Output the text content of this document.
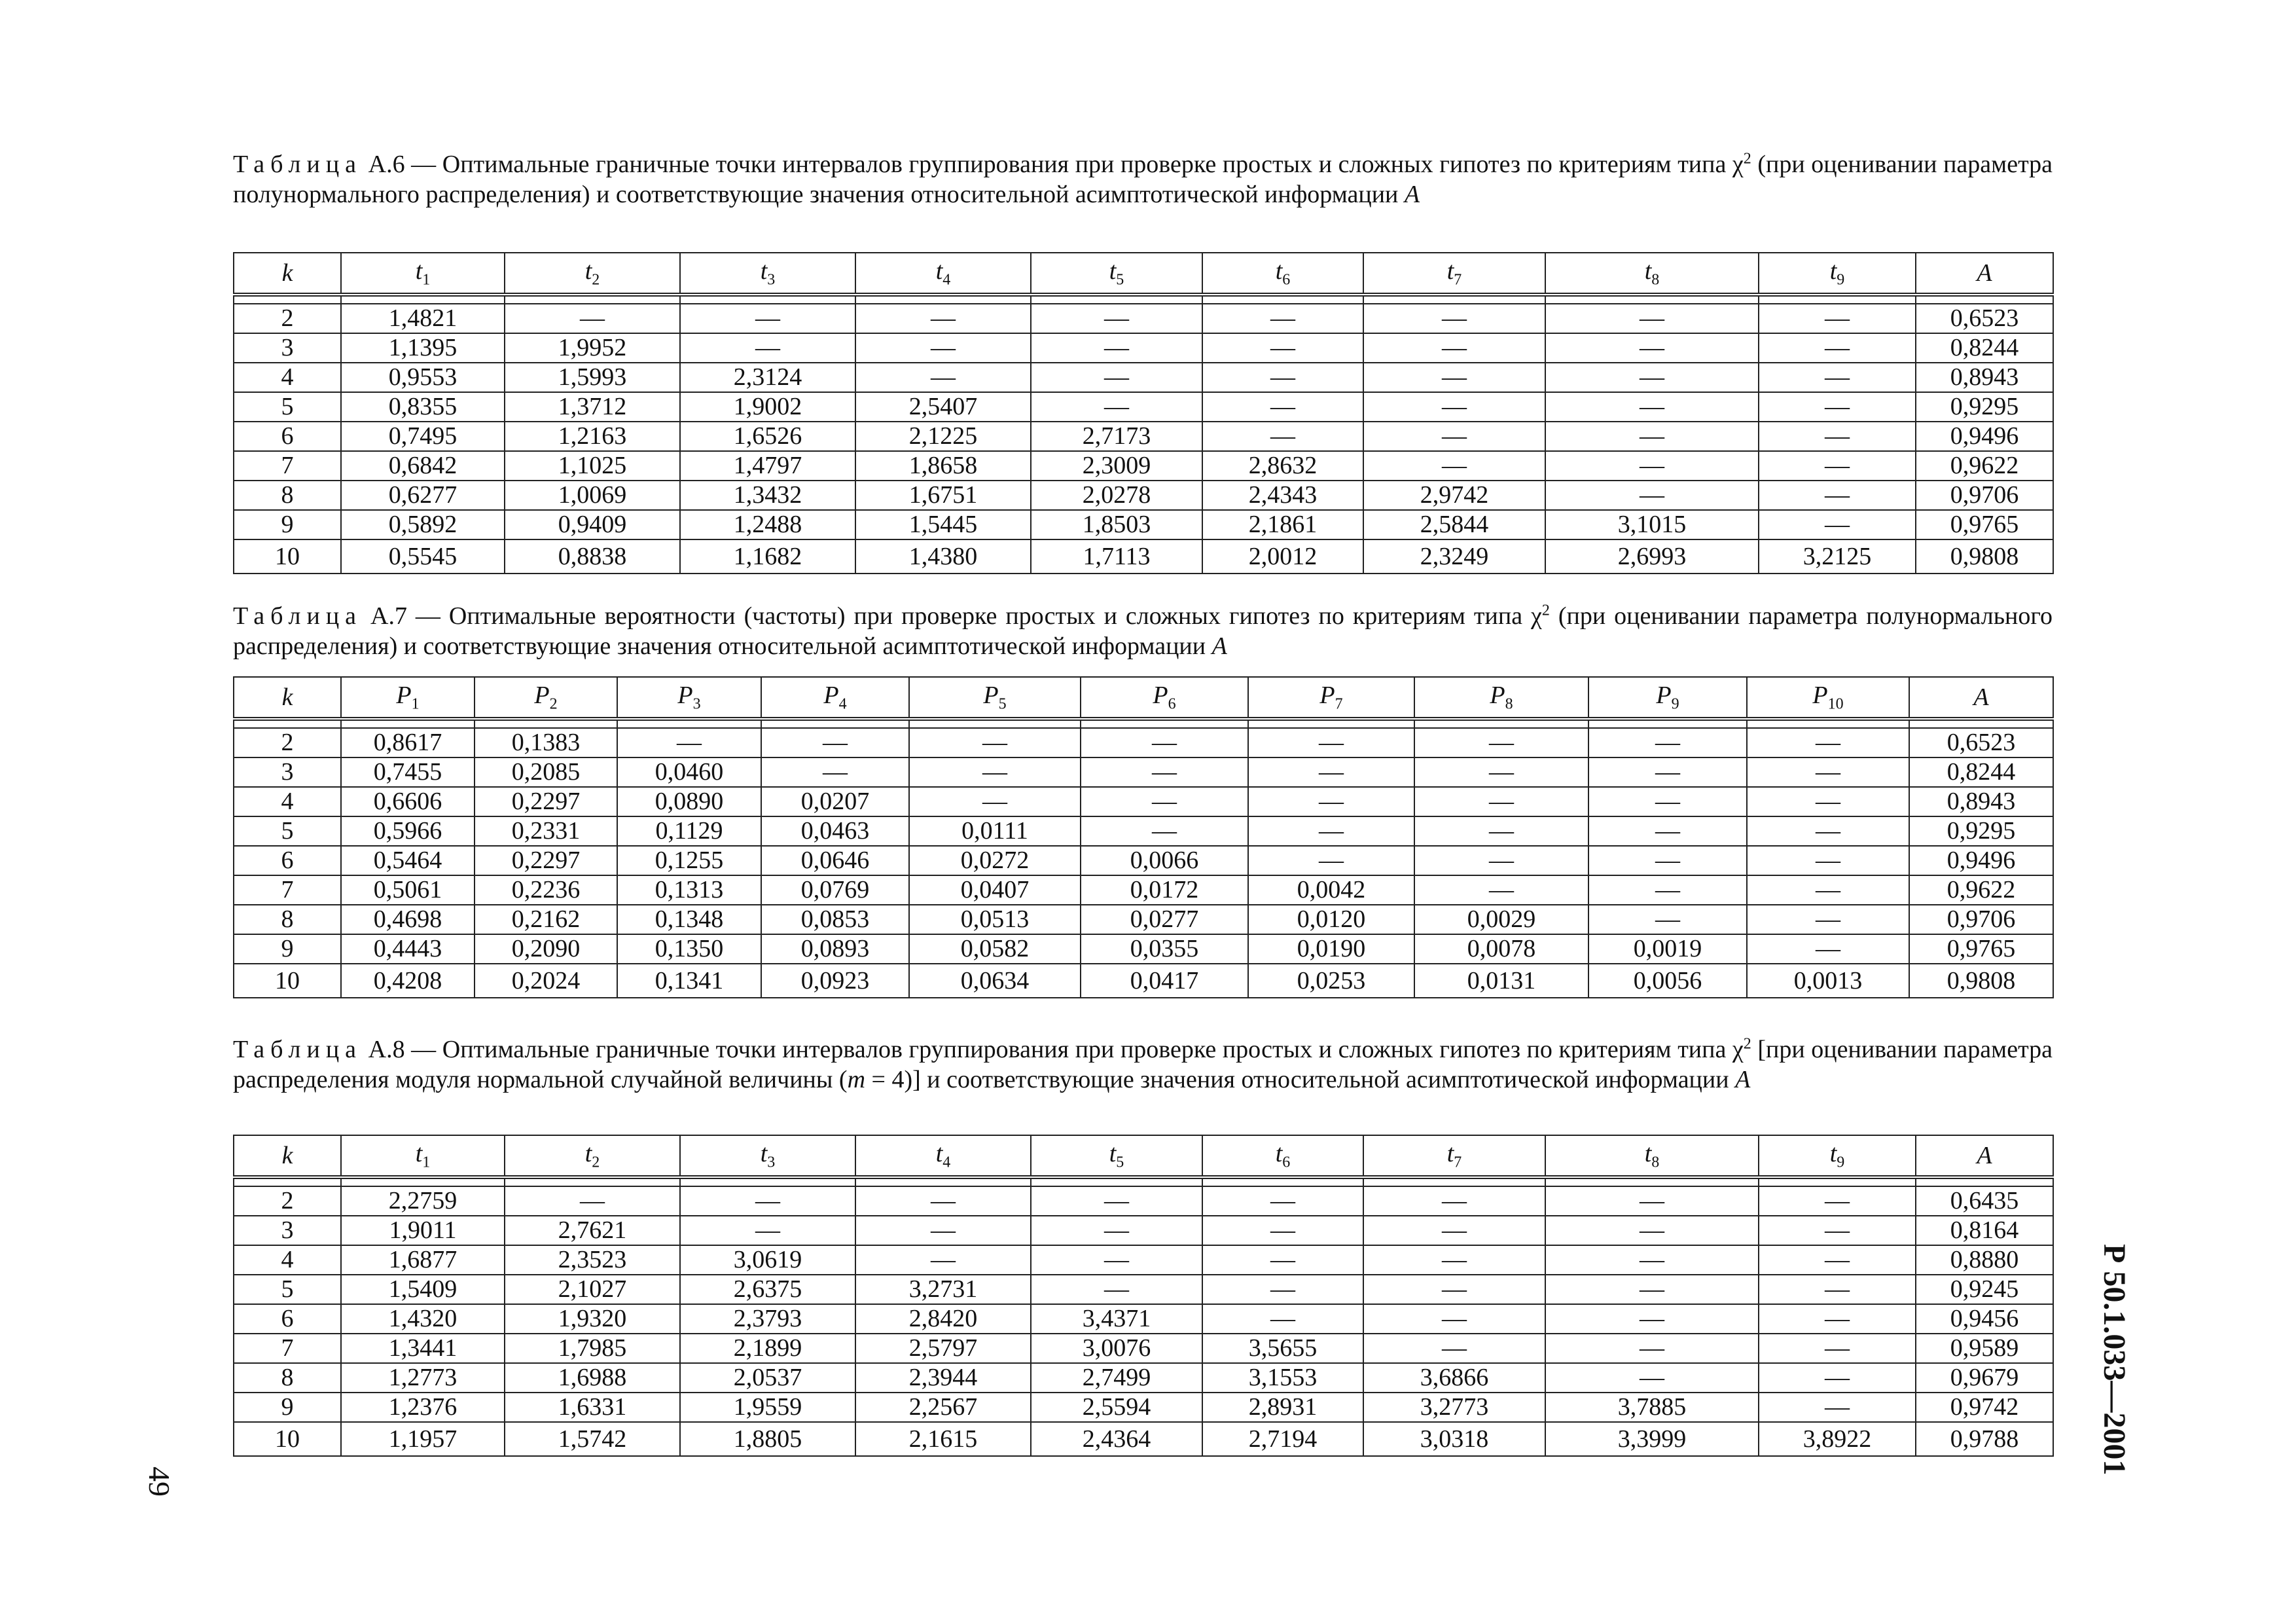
Таблица А.6 — Оптимальные граничные точки интервалов группирования при проверке простых и сложных гипотез по критериям типа $\chi^2$ (при оценивании параметра полунормального распределения) и соответствующие значения относительной асимптотической информации A
k	$t_1$	$t_2$	$t_3$	$t_4$	$t_5$	$t_6$	$t_7$	$t_8$	$t_9$	A

2	1,4821	—	—	—	—	—	—	—	—	0,6523
3	1,1395	1,9952	—	—	—	—	—	—	—	0,8244
4	0,9553	1,5993	2,3124	—	—	—	—	—	—	0,8943
5	0,8355	1,3712	1,9002	2,5407	—	—	—	—	—	0,9295
6	0,7495	1,2163	1,6526	2,1225	2,7173	—	—	—	—	0,9496
7	0,6842	1,1025	1,4797	1,8658	2,3009	2,8632	—	—	—	0,9622
8	0,6277	1,0069	1,3432	1,6751	2,0278	2,4343	2,9742	—	—	0,9706
9	0,5892	0,9409	1,2488	1,5445	1,8503	2,1861	2,5844	3,1015	—	0,9765
10	0,5545	0,8838	1,1682	1,4380	1,7113	2,0012	2,3249	2,6993	3,2125	0,9808
Таблица А.7 — Оптимальные вероятности (частоты) при проверке простых и сложных гипотез по критериям типа $\chi^2$ (при оценивании параметра полунормального распределения) и соответствующие значения относительной асимптотической информации A
k	$P_1$	$P_2$	$P_3$	$P_4$	$P_5$	$P_6$	$P_7$	$P_8$	$P_9$	$P_{10}$	A

2	0,8617	0,1383	—	—	—	—	—	—	—	—	0,6523
3	0,7455	0,2085	0,0460	—	—	—	—	—	—	—	0,8244
4	0,6606	0,2297	0,0890	0,0207	—	—	—	—	—	—	0,8943
5	0,5966	0,2331	0,1129	0,0463	0,0111	—	—	—	—	—	0,9295
6	0,5464	0,2297	0,1255	0,0646	0,0272	0,0066	—	—	—	—	0,9496
7	0,5061	0,2236	0,1313	0,0769	0,0407	0,0172	0,0042	—	—	—	0,9622
8	0,4698	0,2162	0,1348	0,0853	0,0513	0,0277	0,0120	0,0029	—	—	0,9706
9	0,4443	0,2090	0,1350	0,0893	0,0582	0,0355	0,0190	0,0078	0,0019	—	0,9765
10	0,4208	0,2024	0,1341	0,0923	0,0634	0,0417	0,0253	0,0131	0,0056	0,0013	0,9808
Таблица А.8 — Оптимальные граничные точки интервалов группирования при проверке простых и сложных гипотез по критериям типа $\chi^2$ [при оценивании параметра распределения модуля нормальной случайной величины (m = 4)] и соответствующие значения относительной асимптотической информации A
k	$t_1$	$t_2$	$t_3$	$t_4$	$t_5$	$t_6$	$t_7$	$t_8$	$t_9$	A

2	2,2759	—	—	—	—	—	—	—	—	0,6435
3	1,9011	2,7621	—	—	—	—	—	—	—	0,8164
4	1,6877	2,3523	3,0619	—	—	—	—	—	—	0,8880
5	1,5409	2,1027	2,6375	3,2731	—	—	—	—	—	0,9245
6	1,4320	1,9320	2,3793	2,8420	3,4371	—	—	—	—	0,9456
7	1,3441	1,7985	2,1899	2,5797	3,0076	3,5655	—	—	—	0,9589
8	1,2773	1,6988	2,0537	2,3944	2,7499	3,1553	3,6866	—	—	0,9679
9	1,2376	1,6331	1,9559	2,2567	2,5594	2,8931	3,2773	3,7885	—	0,9742
10	1,1957	1,5742	1,8805	2,1615	2,4364	2,7194	3,0318	3,3999	3,8922	0,9788
49
Р 50.1.033—2001
